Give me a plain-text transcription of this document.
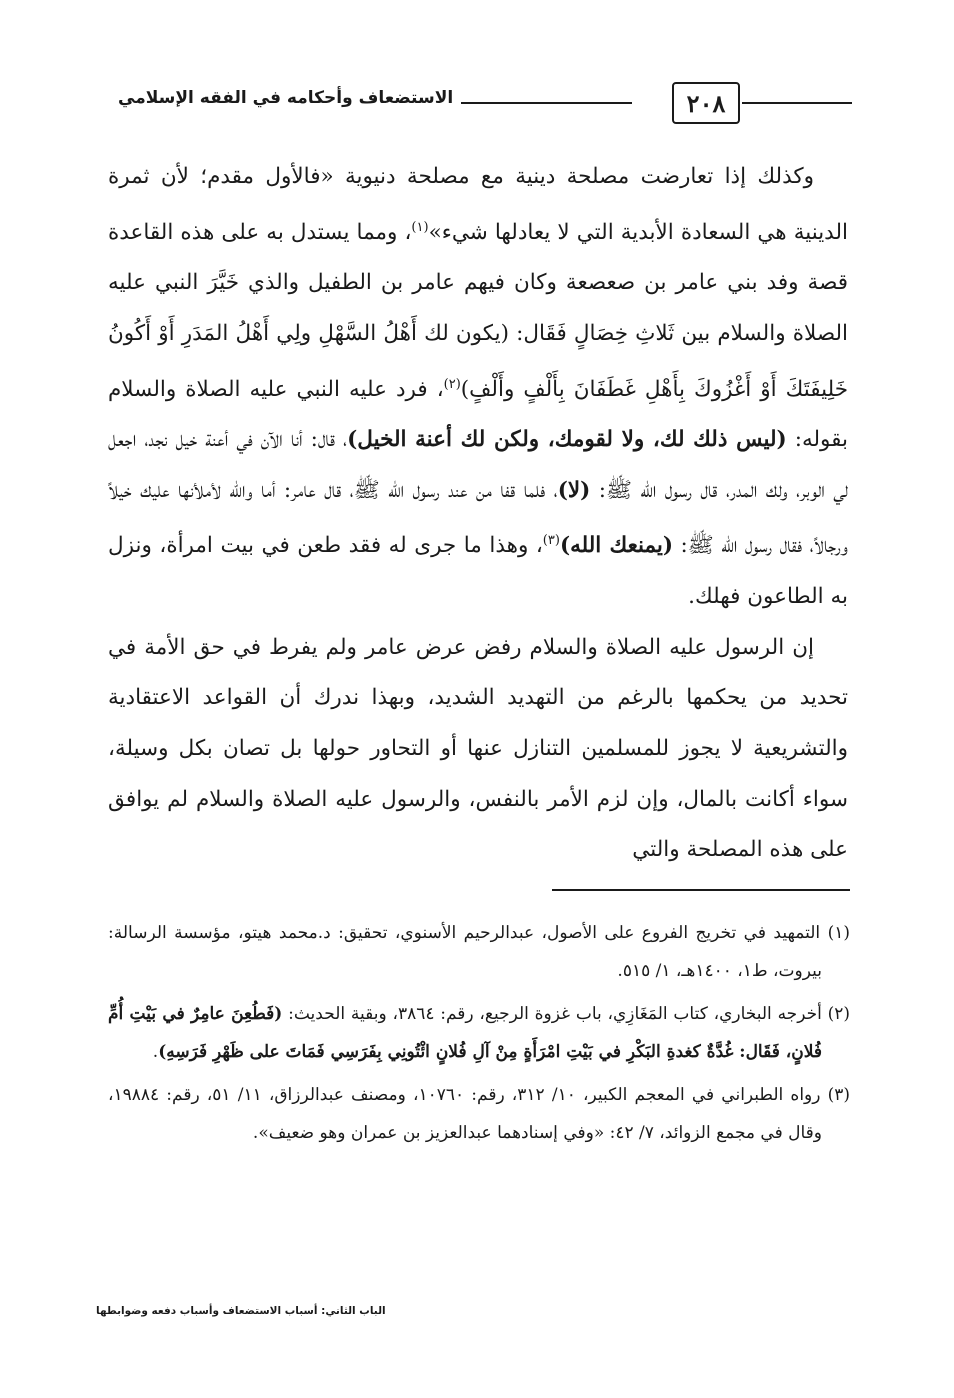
٢٠٨
الاستضعاف وأحكامه في الفقه الإسلامي

وكذلك إذا تعارضت مصلحة دينية مع مصلحة دنيوية «فالأول مقدم؛ لأن ثمرة الدينية هي السعادة الأبدية التي لا يعادلها شيء»$^{(١)}$، ومما يستدل به على هذه القاعدة قصة وفد بني عامر بن صعصعة وكان فيهم عامر بن الطفيل والذي خَيَّرَ النبي عليه الصلاة والسلام بين ثَلاثِ خِصَالٍ فَقَال: (يكون لك أَهْلُ السَّهْلِ ولِي أَهْلُ المَدَرِ أَوْ أَكُونُ خَلِيفَتَكَ أَوْ أَغْزُوكَ بِأَهْلِ غَطَفَانَ بِأَلْفٍ وأَلْفٍ)$^{(٢)}$، فرد عليه النبي عليه الصلاة والسلام بقوله: (ليس ذلك لك، ولا لقومك، ولكن لك أعنة الخيل)، قال: أنا الآن في أعنة خيل نجد، اجعل لي الوبر، ولك المدر، قال رسول الله ﷺ: (لا)، فلما قفا من عند رسول الله ﷺ، قال عامر: أما والله لأملأنها عليك خيلاً ورجالاً، فقال رسول الله ﷺ: (يمنعك الله)$^{(٣)}$، وهذا ما جرى له فقد طعن في بيت امرأة، ونزل به الطاعون فهلك.

إن الرسول عليه الصلاة والسلام رفض عرض عامر ولم يفرط في حق الأمة في تحديد من يحكمها بالرغم من التهديد الشديد، وبهذا ندرك أن القواعد الاعتقادية والتشريعية لا يجوز للمسلمين التنازل عنها أو التحاور حولها بل تصان بكل وسيلة، سواء أكانت بالمال، وإن لزم الأمر بالنفس، والرسول عليه الصلاة والسلام لم يوافق على هذه المصلحة والتي

(١) التمهيد في تخريج الفروع على الأصول، عبدالرحيم الأسنوي، تحقيق: د.محمد هيتو، مؤسسة الرسالة: بيروت، ط١، ١٤٠٠هـ، ١/ ٥١٥.

(٢) أخرجه البخاري، كتاب المَغَازِي، باب غزوة الرجيع، رقم: ٣٨٦٤، وبقية الحديث: (فَطُعِنَ عامِرٌ في بَيْتِ أُمِّ فُلانٍ، فَقَال: غُدَّةٌ كغدةِ البَكْرِ في بَيْتِ امْرَأَةٍ مِنْ آلِ فُلانٍ ائْتُونِي بِفَرَسِي فَمَاتَ على ظَهْرِ فَرَسِهِ).

(٣) رواه الطبراني في المعجم الكبير، ١٠/ ٣١٢، رقم: ١٠٧٦٠، ومصنف عبدالرزاق، ١١/ ٥١، رقم: ١٩٨٨٤، وقال في مجمع الزوائد، ٧/ ٤٢: «وفي إسنادهما عبدالعزيز بن عمران وهو ضعيف».

الباب الثاني: أسباب الاستضعاف وأسباب دفعه وضوابطها
